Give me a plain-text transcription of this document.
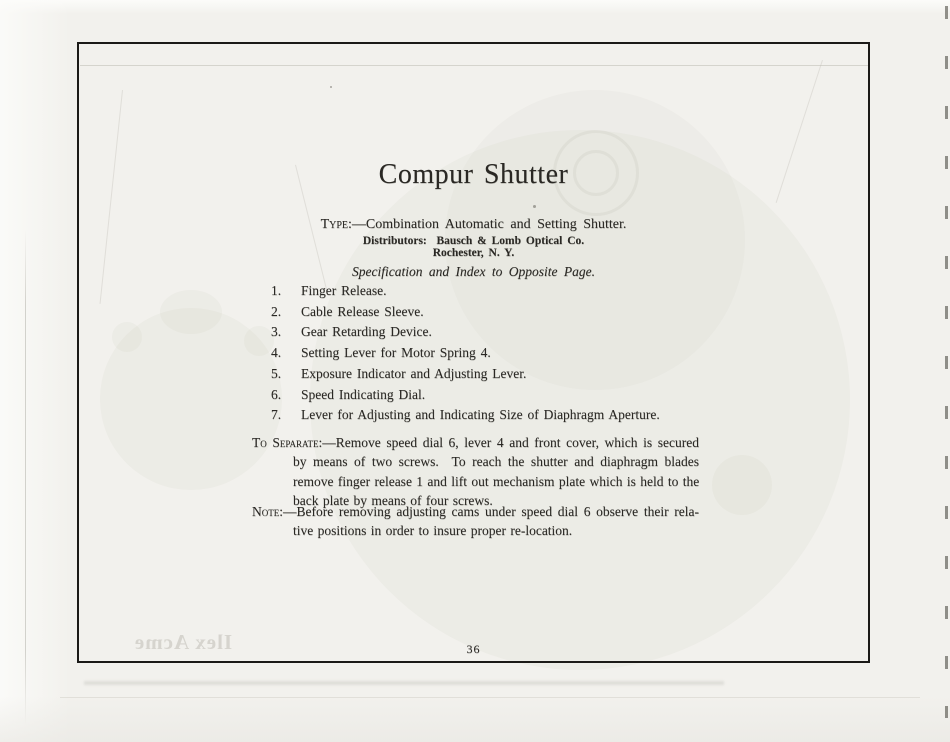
Ilex Acme
Compur Shutter
Type:—Combination Automatic and Setting Shutter.
Distributors:  Bausch & Lomb Optical Co.
Rochester, N. Y.
Specification and Index to Opposite Page.
1. Finger Release.
2. Cable Release Sleeve.
3. Gear Retarding Device.
4. Setting Lever for Motor Spring 4.
5. Exposure Indicator and Adjusting Lever.
6. Speed Indicating Dial.
7. Lever for Adjusting and Indicating Size of Diaphragm Aperture.
To Separate:—Remove speed dial 6, lever 4 and front cover, which is secured
by means of two screws.  To reach the shutter and diaphragm blades
remove finger release 1 and lift out mechanism plate which is held to the
back plate by means of four screws.
Note:—Before removing adjusting cams under speed dial 6 observe their rela-
tive positions in order to insure proper re-location.
36
